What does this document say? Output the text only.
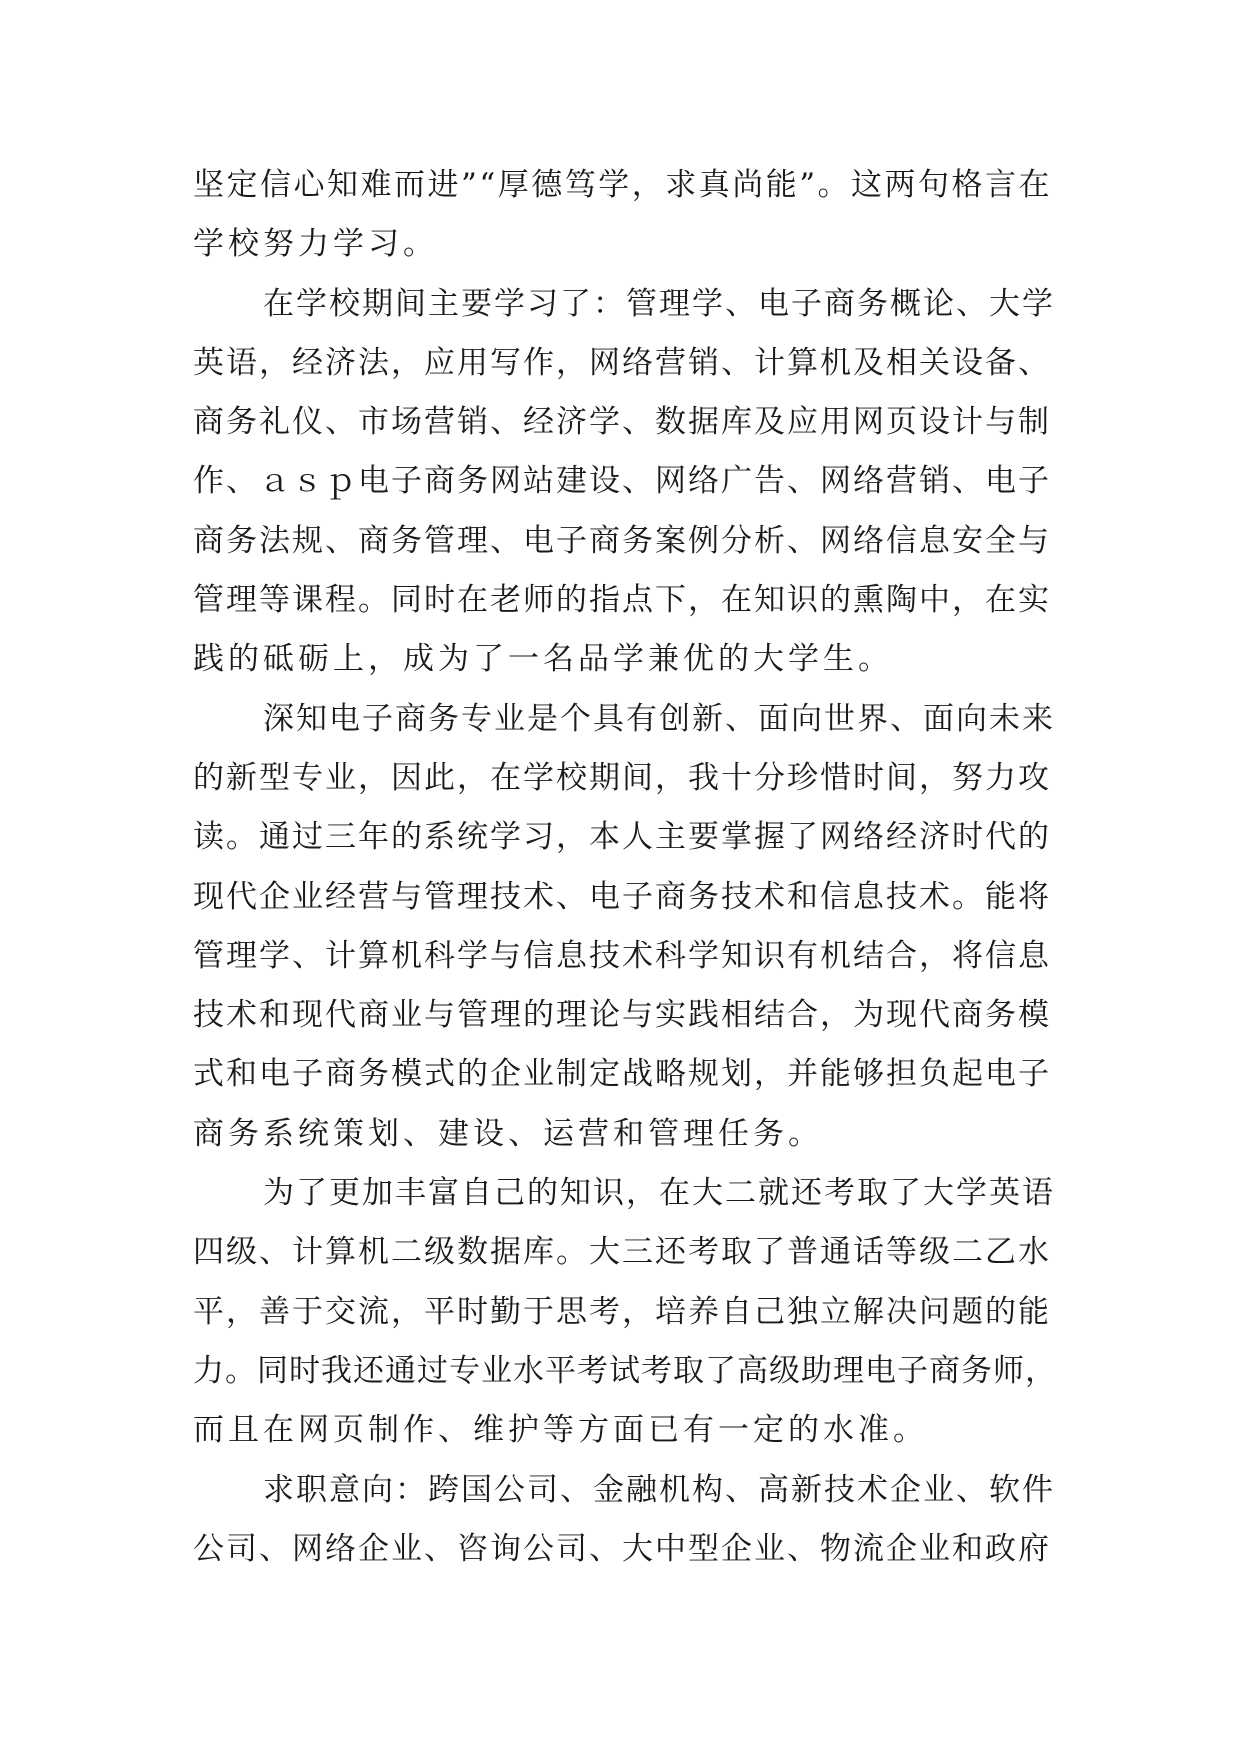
坚定信心知难而进”“厚德笃学，求真尚能”。这两句格言在
学校努力学习。
在学校期间主要学习了：管理学、电子商务概论、大学
英语，经济法，应用写作，网络营销、计算机及相关设备、
商务礼仪、市场营销、经济学、数据库及应用网页设计与制
作、ａｓｐ电子商务网站建设、网络广告、网络营销、电子
商务法规、商务管理、电子商务案例分析、网络信息安全与
管理等课程。同时在老师的指点下，在知识的熏陶中，在实
践的砥砺上，成为了一名品学兼优的大学生。
深知电子商务专业是个具有创新、面向世界、面向未来
的新型专业，因此，在学校期间，我十分珍惜时间，努力攻
读。通过三年的系统学习，本人主要掌握了网络经济时代的
现代企业经营与管理技术、电子商务技术和信息技术。能将
管理学、计算机科学与信息技术科学知识有机结合，将信息
技术和现代商业与管理的理论与实践相结合，为现代商务模
式和电子商务模式的企业制定战略规划，并能够担负起电子
商务系统策划、建设、运营和管理任务。
为了更加丰富自己的知识，在大二就还考取了大学英语
四级、计算机二级数据库。大三还考取了普通话等级二乙水
平，善于交流，平时勤于思考，培养自己独立解决问题的能
力。同时我还通过专业水平考试考取了高级助理电子商务师，
而且在网页制作、维护等方面已有一定的水准。
求职意向：跨国公司、金融机构、高新技术企业、软件
公司、网络企业、咨询公司、大中型企业、物流企业和政府
